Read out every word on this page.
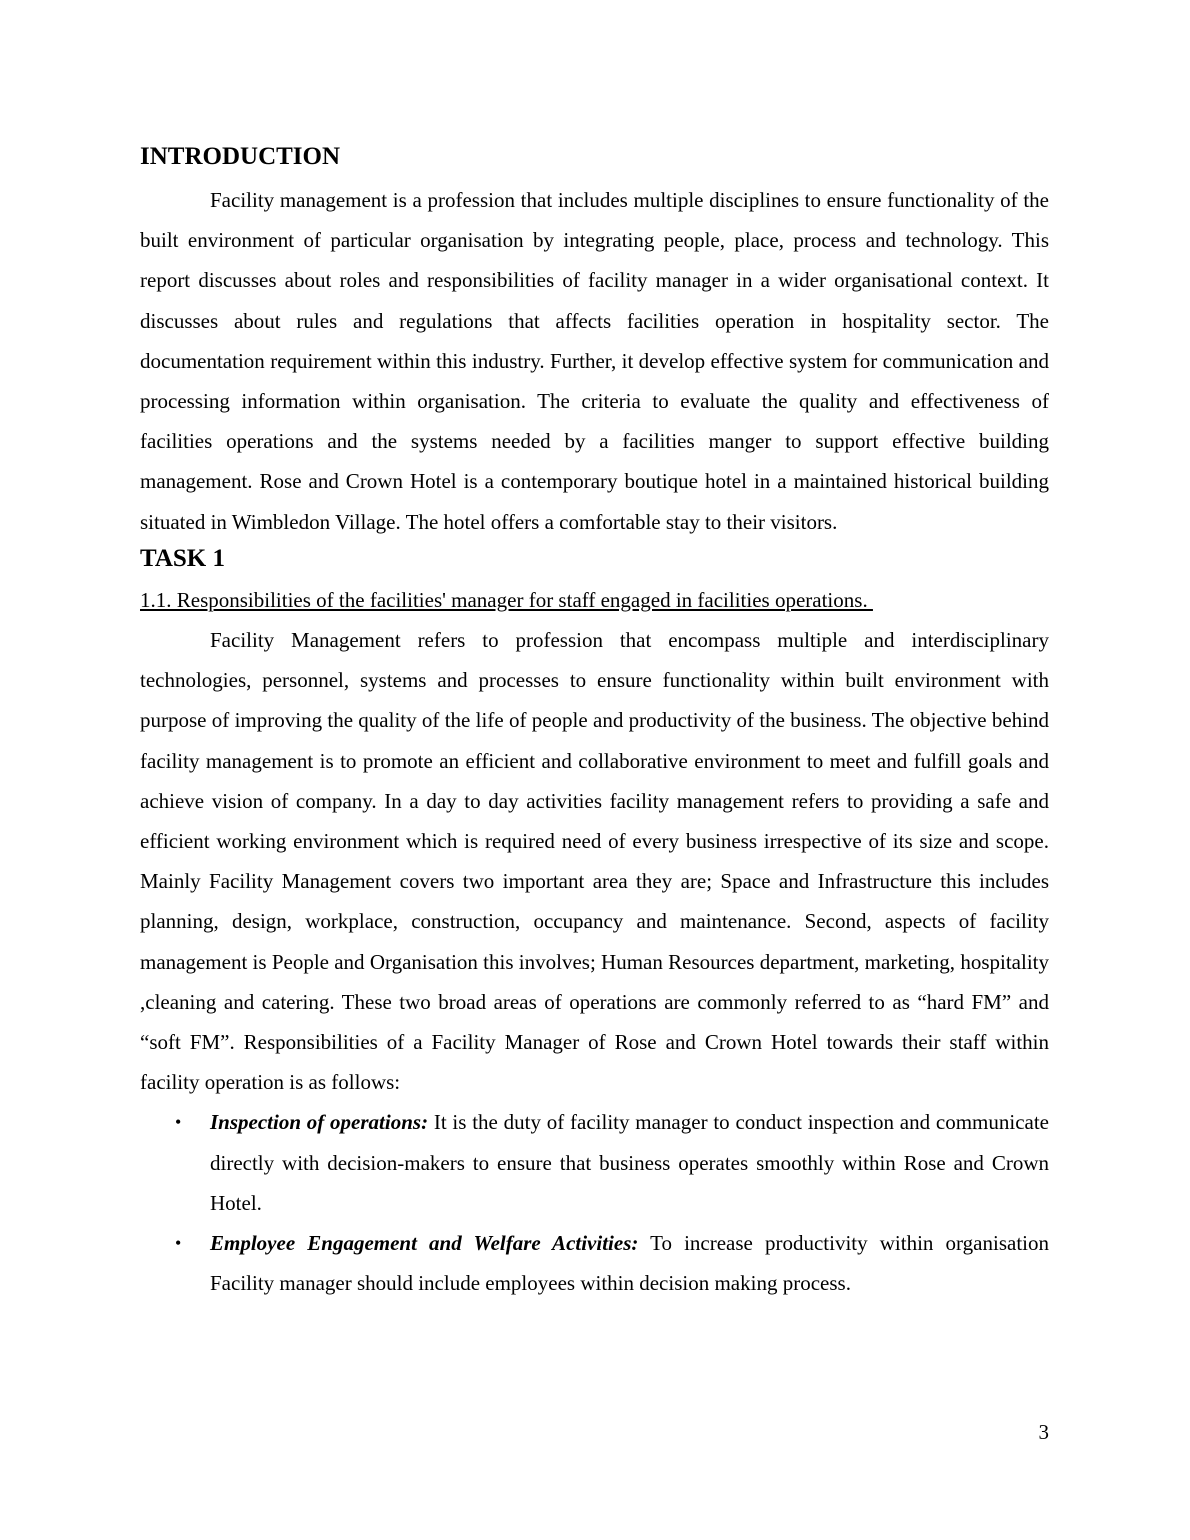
INTRODUCTION

Facility management is a profession that includes multiple disciplines to ensure functionality of the built environment of particular organisation by integrating people, place, process and technology. This report discusses about roles and responsibilities of facility manager in a wider organisational context. It discusses about rules and regulations that affects facilities operation in hospitality sector. The documentation requirement within this industry. Further, it develop effective system for communication and processing information within organisation. The criteria to evaluate the quality and effectiveness of facilities operations and the systems needed by a facilities manger to support effective building management. Rose and Crown Hotel is a contemporary boutique hotel in a maintained historical building situated in Wimbledon Village. The hotel offers a comfortable stay to their visitors.

TASK 1

1.1. Responsibilities of the facilities' manager for staff engaged in facilities operations.

Facility Management refers to profession that encompass multiple and interdisciplinary technologies, personnel, systems and processes to ensure functionality within built environment with purpose of improving the quality of the life of people and productivity of the business. The objective behind facility management is to promote an efficient and collaborative environment to meet and fulfill goals and achieve vision of company. In a day to day activities facility management refers to providing a safe and efficient working environment which is required need of every business irrespective of its size and scope. Mainly Facility Management covers two important area they are; Space and Infrastructure this includes planning, design, workplace, construction, occupancy and maintenance. Second, aspects of facility management is People and Organisation this involves; Human Resources department, marketing, hospitality ,cleaning and catering. These two broad areas of operations are commonly referred to as “hard FM” and “soft FM”. Responsibilities of a Facility Manager of Rose and Crown Hotel towards their staff within facility operation is as follows:

• Inspection of operations: It is the duty of facility manager to conduct inspection and communicate directly with decision-makers to ensure that business operates smoothly within Rose and Crown Hotel.
• Employee Engagement and Welfare Activities: To increase productivity within organisation Facility manager should include employees within decision making process.
3
